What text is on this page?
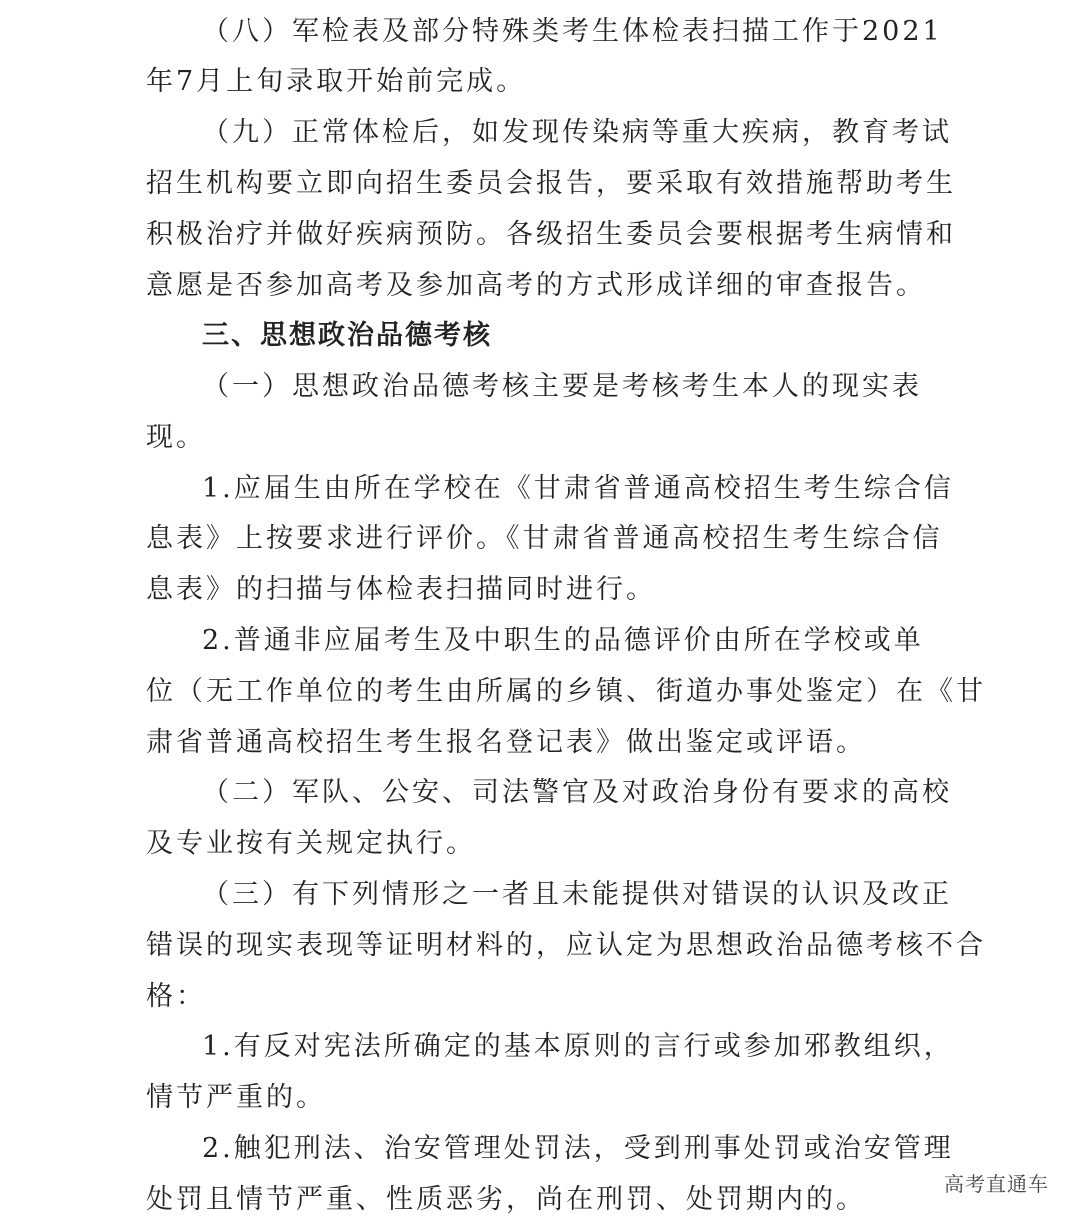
（八）军检表及部分特殊类考生体检表扫描工作于2021
年7月上旬录取开始前完成。
（九）正常体检后，如发现传染病等重大疾病，教育考试
招生机构要立即向招生委员会报告，要采取有效措施帮助考生
积极治疗并做好疾病预防。各级招生委员会要根据考生病情和
意愿是否参加高考及参加高考的方式形成详细的审查报告。
三、思想政治品德考核
（一）思想政治品德考核主要是考核考生本人的现实表
现。
1.应届生由所在学校在《甘肃省普通高校招生考生综合信
息表》上按要求进行评价。《甘肃省普通高校招生考生综合信
息表》的扫描与体检表扫描同时进行。
2.普通非应届考生及中职生的品德评价由所在学校或单
位（无工作单位的考生由所属的乡镇、街道办事处鉴定）在《甘
肃省普通高校招生考生报名登记表》做出鉴定或评语。
（二）军队、公安、司法警官及对政治身份有要求的高校
及专业按有关规定执行。
（三）有下列情形之一者且未能提供对错误的认识及改正
错误的现实表现等证明材料的，应认定为思想政治品德考核不合
格：
1.有反对宪法所确定的基本原则的言行或参加邪教组织，
情节严重的。
2.触犯刑法、治安管理处罚法，受到刑事处罚或治安管理
处罚且情节严重、性质恶劣，尚在刑罚、处罚期内的。	高考直通车
